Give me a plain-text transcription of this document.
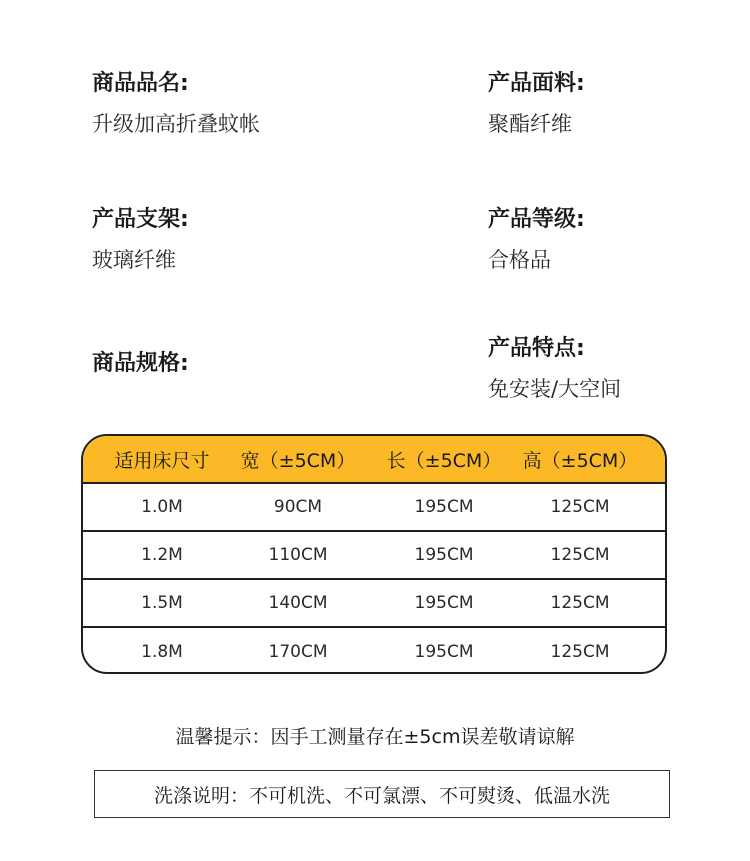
商品品名:
升级加高折叠蚊帐
产品面料:
聚酯纤维
产品支架:
玻璃纤维
产品等级:
合格品
商品规格:
产品特点:
免安装/大空间
适用床尺寸	宽（±5CM）	长（±5CM）	高（±5CM）
1.0M	90CM	195CM	125CM
1.2M	110CM	195CM	125CM
1.5M	140CM	195CM	125CM
1.8M	170CM	195CM	125CM
温馨提示：因手工测量存在±5cm误差敬请谅解
洗涤说明：不可机洗、不可氯漂、不可熨烫、低温水洗
